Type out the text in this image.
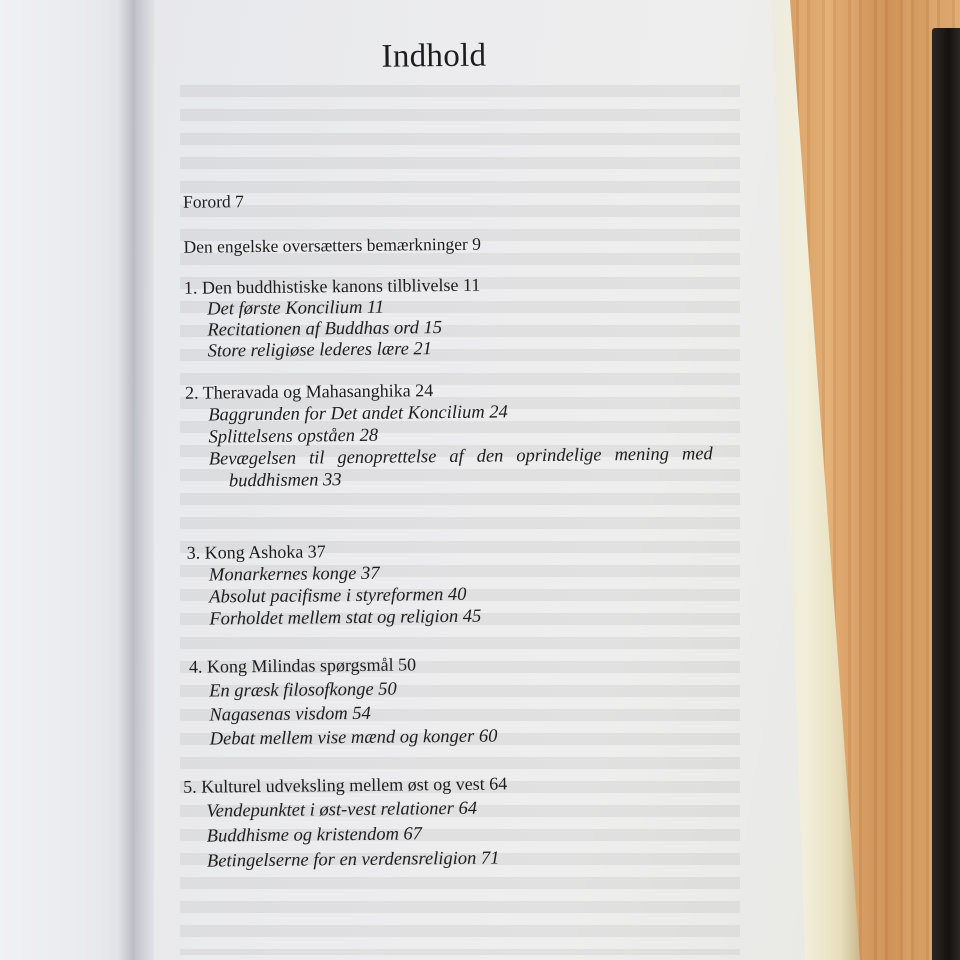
Indhold
Forord 7
Den engelske oversætters bemærkninger 9
1. Den buddhistiske kanons tilblivelse 11
Det første Koncilium 11
Recitationen af Buddhas ord 15
Store religiøse lederes lære 21
2. Theravada og Mahasanghika 24
Baggrunden for Det andet Koncilium 24
Splittelsens opståen 28
Bevægelsen til genoprettelse af den oprindelige mening med
buddhismen 33
3. Kong Ashoka 37
Monarkernes konge 37
Absolut pacifisme i styreformen 40
Forholdet mellem stat og religion 45
4. Kong Milindas spørgsmål 50
En græsk filosofkonge 50
Nagasenas visdom 54
Debat mellem vise mænd og konger 60
5. Kulturel udveksling mellem øst og vest 64
Vendepunktet i øst-vest relationer 64
Buddhisme og kristendom 67
Betingelserne for en verdensreligion 71
